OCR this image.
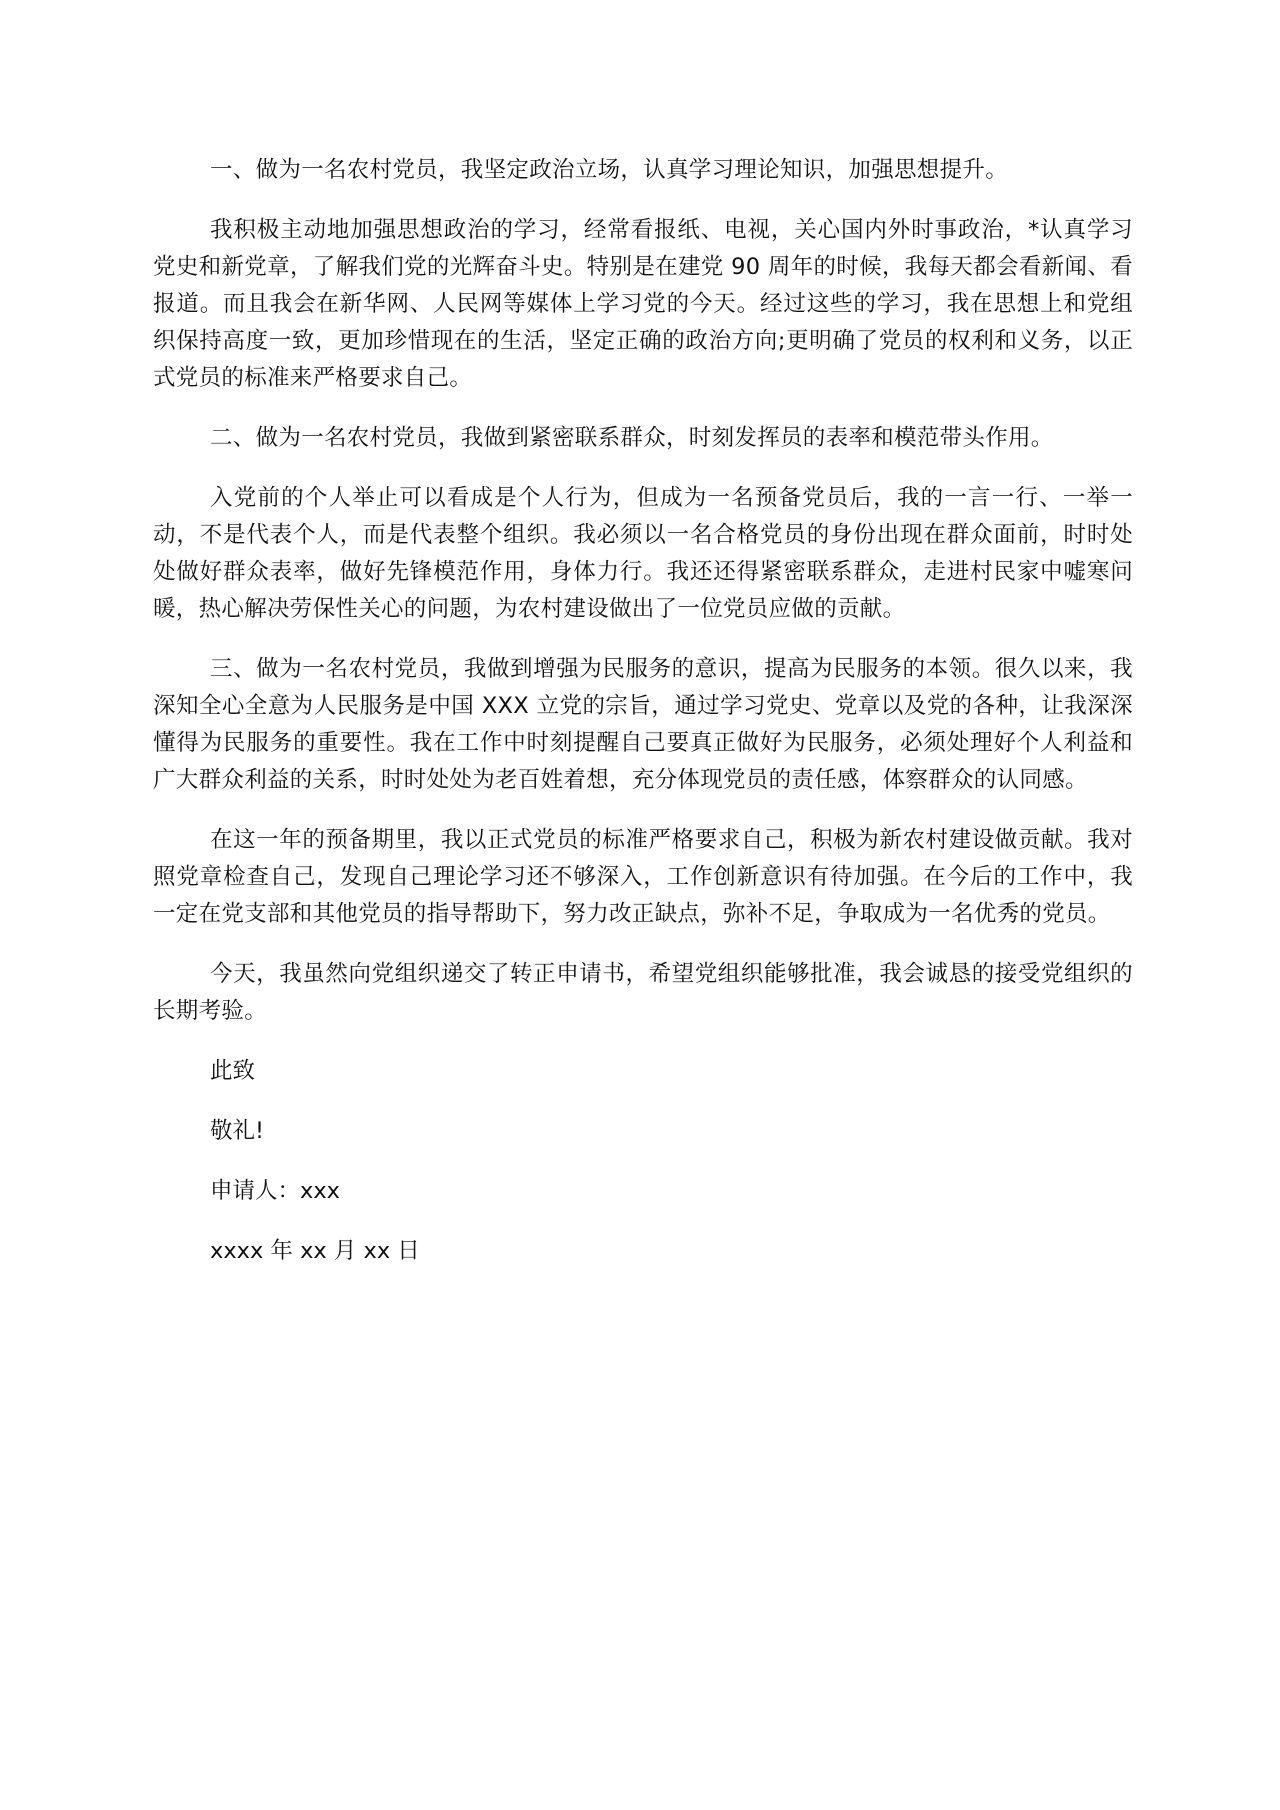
一、做为一名农村党员，我坚定政治立场，认真学习理论知识，加强思想提升。

我积极主动地加强思想政治的学习，经常看报纸、电视，关心国内外时事政治，*认真学习党史和新党章，了解我们党的光辉奋斗史。特别是在建党 90 周年的时候，我每天都会看新闻、看报道。而且我会在新华网、人民网等媒体上学习党的今天。经过这些的学习，我在思想上和党组织保持高度一致，更加珍惜现在的生活，坚定正确的政治方向;更明确了党员的权利和义务，以正式党员的标准来严格要求自己。

二、做为一名农村党员，我做到紧密联系群众，时刻发挥员的表率和模范带头作用。

入党前的个人举止可以看成是个人行为，但成为一名预备党员后，我的一言一行、一举一动，不是代表个人，而是代表整个组织。我必须以一名合格党员的身份出现在群众面前，时时处处做好群众表率，做好先锋模范作用，身体力行。我还还得紧密联系群众，走进村民家中嘘寒问暖，热心解决劳保性关心的问题，为农村建设做出了一位党员应做的贡献。

三、做为一名农村党员，我做到增强为民服务的意识，提高为民服务的本领。很久以来，我深知全心全意为人民服务是中国 XXX 立党的宗旨，通过学习党史、党章以及党的各种，让我深深懂得为民服务的重要性。我在工作中时刻提醒自己要真正做好为民服务，必须处理好个人利益和广大群众利益的关系，时时处处为老百姓着想，充分体现党员的责任感，体察群众的认同感。

在这一年的预备期里，我以正式党员的标准严格要求自己，积极为新农村建设做贡献。我对照党章检查自己，发现自己理论学习还不够深入，工作创新意识有待加强。在今后的工作中，我一定在党支部和其他党员的指导帮助下，努力改正缺点，弥补不足，争取成为一名优秀的党员。

今天，我虽然向党组织递交了转正申请书，希望党组织能够批准，我会诚恳的接受党组织的长期考验。

此致

敬礼!

申请人：xxx

xxxx 年 xx 月 xx 日
